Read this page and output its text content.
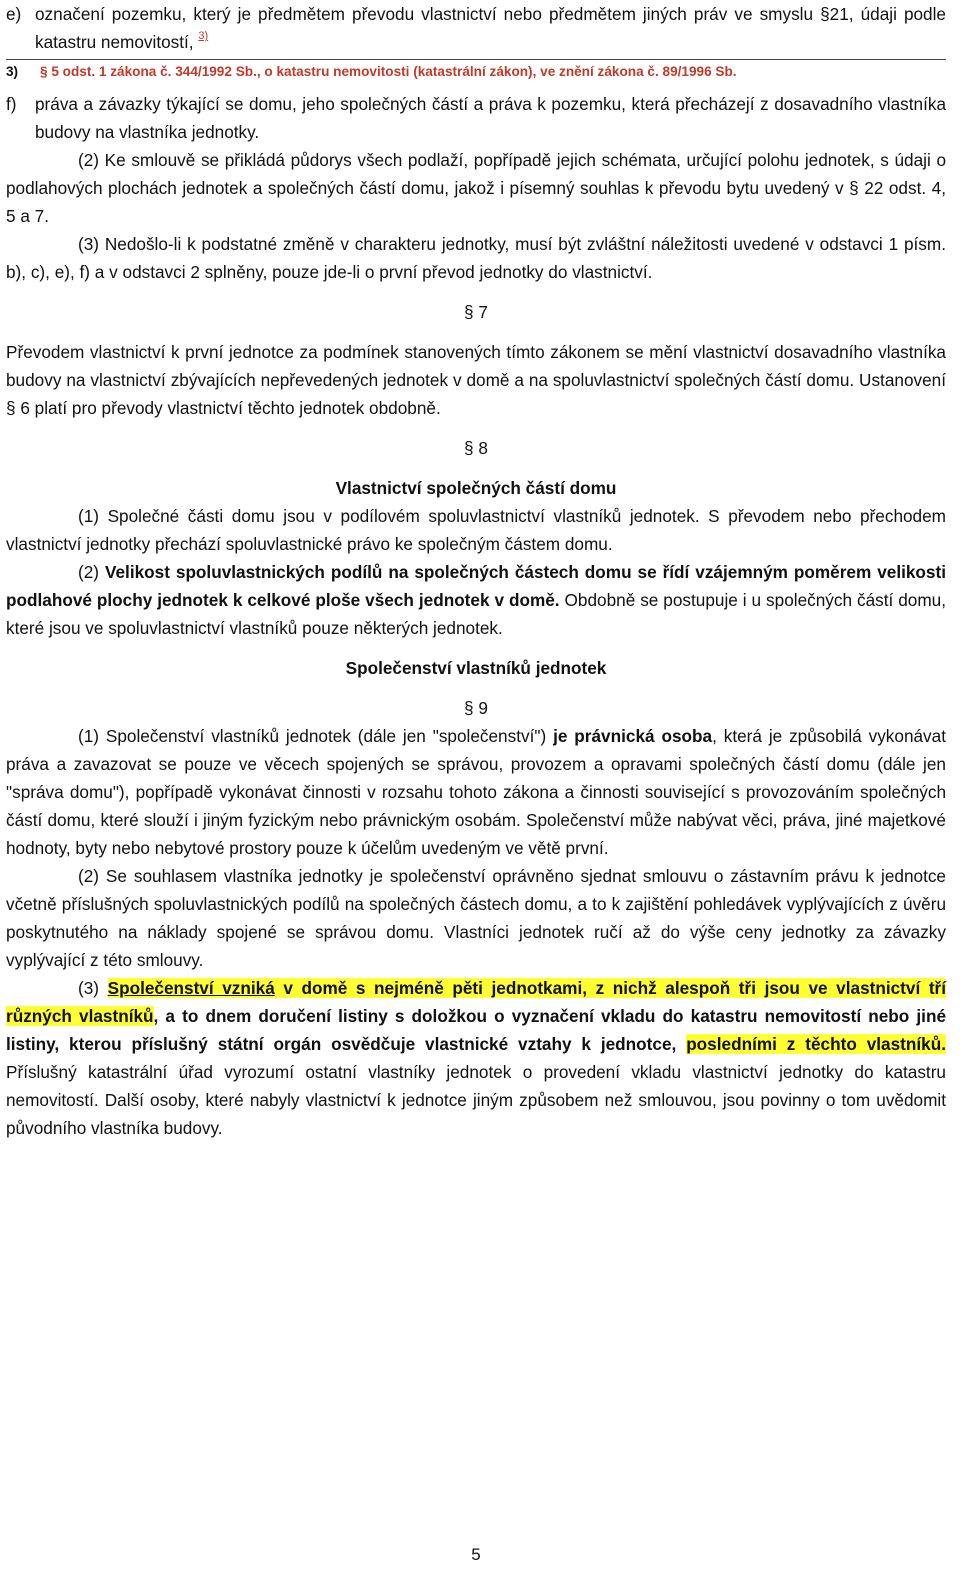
e) označení pozemku, který je předmětem převodu vlastnictví nebo předmětem jiných práv ve smyslu §21, údaji podle katastru nemovitostí, $^{3)}$
3) § 5 odst. 1 zákona č. 344/1992 Sb., o katastru nemovitosti (katastrální zákon), ve znění zákona č. 89/1996 Sb.
f) práva a závazky týkající se domu, jeho společných částí a práva k pozemku, která přecházejí z dosavadního vlastníka budovy na vlastníka jednotky.

(2) Ke smlouvě se přikládá půdorys všech podlaží, popřípadě jejich schémata, určující polohu jednotek, s údaji o podlahových plochách jednotek a společných částí domu, jakož i písemný souhlas k převodu bytu uvedený v § 22 odst. 4, 5 a 7.

(3) Nedošlo-li k podstatné změně v charakteru jednotky, musí být zvláštní náležitosti uvedené v odstavci 1 písm. b), c), e), f) a v odstavci 2 splněny, pouze jde-li o první převod jednotky do vlastnictví.

§ 7

Převodem vlastnictví k první jednotce za podmínek stanovených tímto zákonem se mění vlastnictví dosavadního vlastníka budovy na vlastnictví zbývajících nepřevedených jednotek v domě a na spoluvlastnictví společných částí domu. Ustanovení § 6 platí pro převody vlastnictví těchto jednotek obdobně.

§ 8

Vlastnictví společných částí domu

(1) Společné části domu jsou v podílovém spoluvlastnictví vlastníků jednotek. S převodem nebo přechodem vlastnictví jednotky přechází spoluvlastnické právo ke společným částem domu.

(2) Velikost spoluvlastnických podílů na společných částech domu se řídí vzájemným poměrem velikosti podlahové plochy jednotek k celkové ploše všech jednotek v domě. Obdobně se postupuje i u společných částí domu, které jsou ve spoluvlastnictví vlastníků pouze některých jednotek.

Společenství vlastníků jednotek

§ 9

(1) Společenství vlastníků jednotek (dále jen "společenství") je právnická osoba, která je způsobilá vykonávat práva a zavazovat se pouze ve věcech spojených se správou, provozem a opravami společných částí domu (dále jen "správa domu"), popřípadě vykonávat činnosti v rozsahu tohoto zákona a činnosti související s provozováním společných částí domu, které slouží i jiným fyzickým nebo právnickým osobám. Společenství může nabývat věci, práva, jiné majetkové hodnoty, byty nebo nebytové prostory pouze k účelům uvedeným ve větě první.

(2) Se souhlasem vlastníka jednotky je společenství oprávněno sjednat smlouvu o zástavním právu k jednotce včetně příslušných spoluvlastnických podílů na společných částech domu, a to k zajištění pohledávek vyplývajících z úvěru poskytnutého na náklady spojené se správou domu. Vlastníci jednotek ručí až do výše ceny jednotky za závazky vyplývající z této smlouvy.

(3) Společenství vzniká v domě s nejméně pěti jednotkami, z nichž alespoň tři jsou ve vlastnictví tří různých vlastníků, a to dnem doručení listiny s doložkou o vyznačení vkladu do katastru nemovitostí nebo jiné listiny, kterou příslušný státní orgán osvědčuje vlastnické vztahy k jednotce, posledními z těchto vlastníků. Příslušný katastrální úřad vyrozumí ostatní vlastníky jednotek o provedení vkladu vlastnictví jednotky do katastru nemovitostí. Další osoby, které nabyly vlastnictví k jednotce jiným způsobem než smlouvou, jsou povinny o tom uvědomit původního vlastníka budovy.

5
